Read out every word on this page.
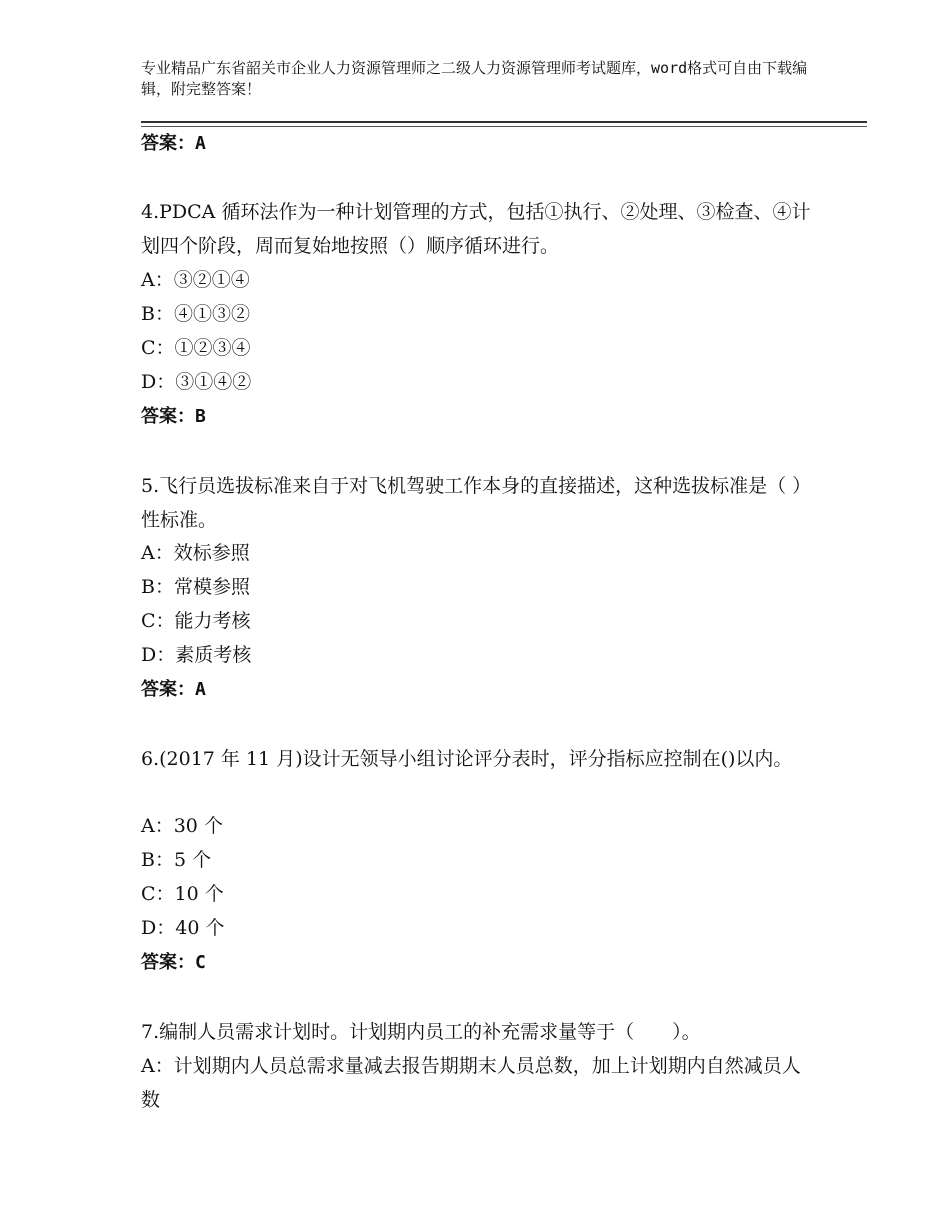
专业精品广东省韶关市企业人力资源管理师之二级人力资源管理师考试题库，word格式可自由下载编辑，附完整答案！
答案：A
4.PDCA 循环法作为一种计划管理的方式，包括①执行、②处理、③检查、④计划四个阶段，周而复始地按照（）顺序循环进行。
A：③②①④
B：④①③②
C：①②③④
D：③①④②
答案：B
5.飞行员选拔标准来自于对飞机驾驶工作本身的直接描述，这种选拔标准是（ ）性标准。
A：效标参照
B：常模参照
C：能力考核
D：素质考核
答案：A
6.(2017 年 11 月)设计无领导小组讨论评分表时，评分指标应控制在()以内。
A：30 个
B：5 个
C：10 个
D：40 个
答案：C
7.编制人员需求计划时。计划期内员工的补充需求量等于（　　）。
A：计划期内人员总需求量减去报告期期末人员总数，加上计划期内自然减员人数
